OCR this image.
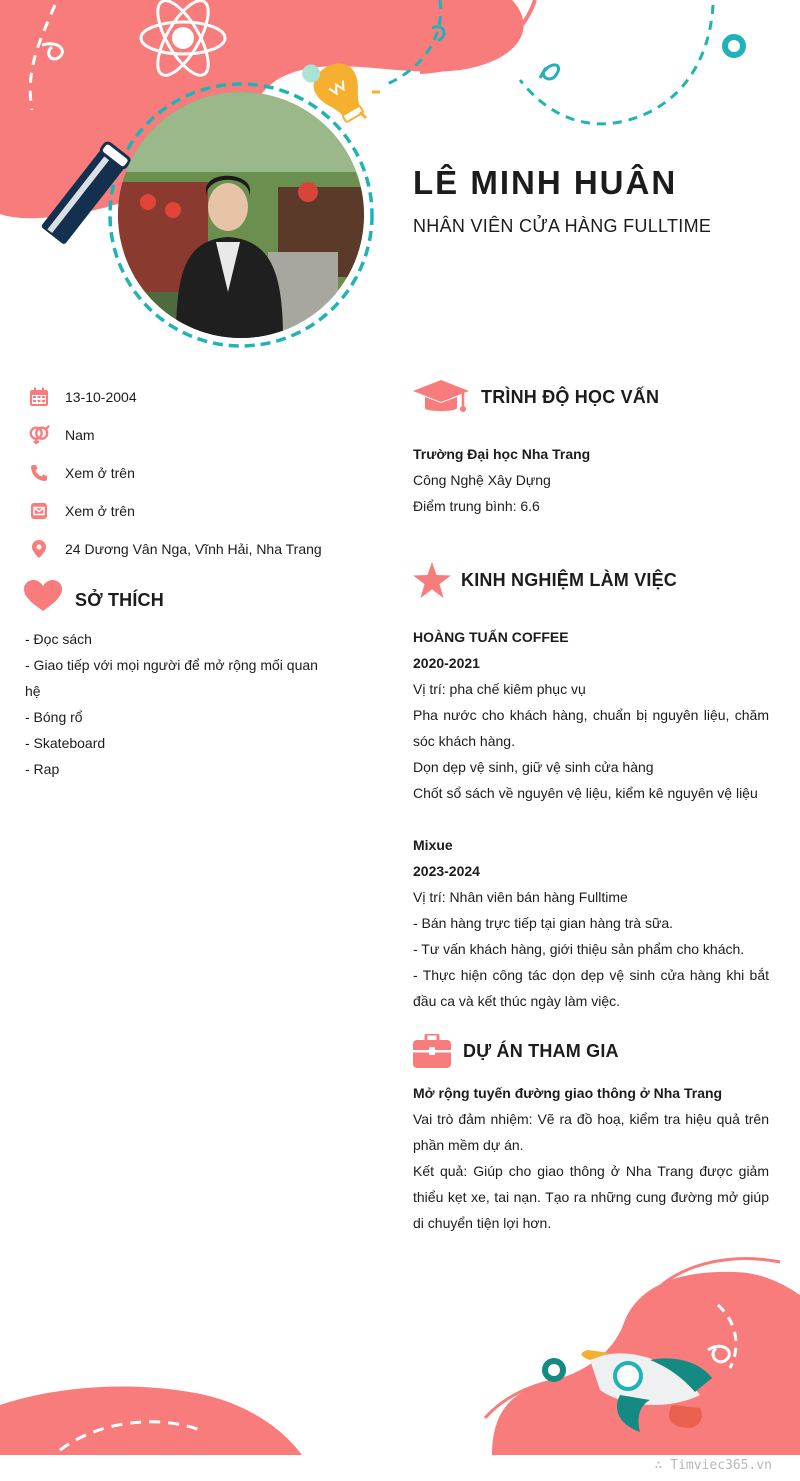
LÊ MINH HUÂN

NHÂN VIÊN CỬA HÀNG FULLTIME

13-10-2004
Nam
Xem ở trên
Xem ở trên
24 Dương Vân Nga, Vĩnh Hải, Nha Trang
SỞ THÍCH
- Đọc sách
- Giao tiếp với mọi người để mở rộng mối quan hệ
- Bóng rổ
- Skateboard
- Rap
TRÌNH ĐỘ HỌC VẤN

Trường Đại học Nha Trang

Công Nghệ Xây Dựng

Điểm trung bình: 6.6

KINH NGHIỆM LÀM VIỆC

HOÀNG TUẤN COFFEE

2020-2021

Vị trí: pha chế kiêm phục vụ

Pha nước cho khách hàng, chuẩn bị nguyên liệu, chăm sóc khách hàng.

Dọn dẹp vệ sinh, giữ vệ sinh cửa hàng

Chốt sổ sách về nguyên vệ liệu, kiểm kê nguyên vệ liệu

Mixue

2023-2024

Vị trí: Nhân viên bán hàng Fulltime

- Bán hàng trực tiếp tại gian hàng trà sữa.

- Tư vấn khách hàng, giới thiệu sản phẩm cho khách.

- Thực hiện công tác dọn dẹp vệ sinh cửa hàng khi bắt đầu ca và kết thúc ngày làm việc.

DỰ ÁN THAM GIA

Mở rộng tuyến đường giao thông ở Nha Trang

Vai trò đảm nhiệm: Vẽ ra đồ hoạ, kiểm tra hiệu quả trên phần mềm dự án.

Kết quả: Giúp cho giao thông ở Nha Trang được giảm thiểu kẹt xe, tai nạn. Tạo ra những cung đường mở giúp di chuyển tiện lợi hơn.

∴ Timviec365.vn
